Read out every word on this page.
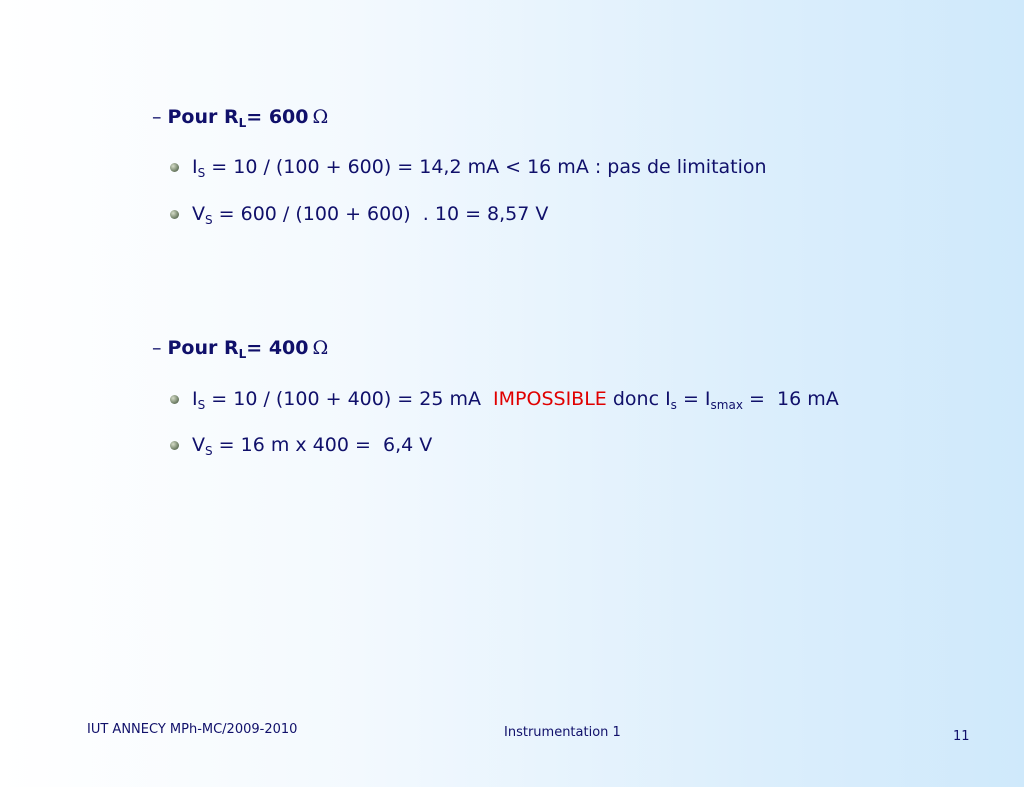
– Pour $R_L= 600$ Ω
$I_S = 10 / (100 + 600) = 14,2$ mA < 16 mA : pas de limitation
$V_S = 600 / (100 + 600)$  . 10 = 8,57 V
– Pour $R_L= 400$ Ω
$I_S = 10 / (100 + 400) = 25$ mA  IMPOSSIBLE donc $I_s = I_{smax} = 16$ mA
$V_S = 16$ m x 400 =  6,4 V
IUT ANNECY MPh-MC/2009-2010	Instrumentation 1	11
